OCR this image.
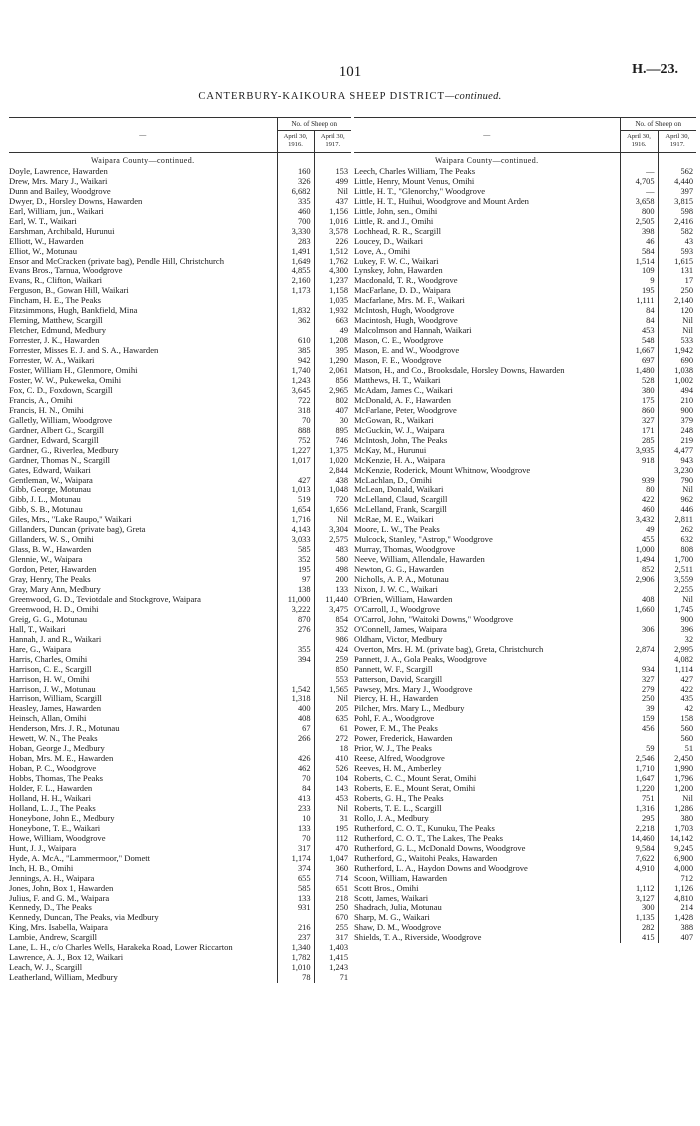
101	H.—23.
CANTERBURY-KAIKOURA SHEEP DISTRICT—continued.
—	No. of Sheep on	
	April 30, 1916.	April 30, 1917.

Waipara County—continued.		
Doyle, Lawrence, Hawarden	160	153
Drew, Mrs. Mary J., Waikari	326	499
Dunn and Bailey, Woodgrove	6,682	Nil
Dwyer, D., Horsley Downs, Hawarden	335	437
Earl, William, jun., Waikari	460	1,156
Earl, W. T., Waikari	700	1,016
Earshman, Archibald, Hurunui	3,330	3,578
Elliott, W., Hawarden	283	226
Elliot, W., Motunau	1,491	1,512
Ensor and McCracken (private bag), Pendle Hill, Christchurch	1,649	1,762
Evans Bros., Tarnua, Woodgrove	4,855	4,300
Evans, R., Clifton, Waikari	2,160	1,237
Ferguson, B., Gowan Hill, Waikari	1,173	1,158
Fincham, H. E., The Peaks		1,035
Fitzsimmons, Hugh, Bankfield, Mina	1,832	1,932
Fleming, Matthew, Scargill	362	663
Fletcher, Edmund, Medbury		49
Forrester, J. K., Hawarden	610	1,208
Forrester, Misses E. J. and S. A., Hawarden	385	395
Forrester, W. A., Waikari	942	1,290
Foster, William H., Glenmore, Omihi	1,740	2,061
Foster, W. W., Pukeweka, Omihi	1,243	856
Fox, C. D., Foxdown, Scargill	3,645	2,965
Francis, A., Omihi	722	802
Francis, H. N., Omihi	318	407
Galletly, William, Woodgrove	70	30
Gardner, Albert G., Scargill	888	895
Gardner, Edward, Scargill	752	746
Gardner, G., Riverlea, Medbury	1,227	1,375
Gardner, Thomas N., Scargill	1,017	1,020
Gates, Edward, Waikari		2,844
Gentleman, W., Waipara	427	438
Gibb, George, Motunau	1,013	1,048
Gibb, J. L., Motunau	519	720
Gibb, S. B., Motunau	1,654	1,656
Giles, Mrs., "Lake Raupo," Waikari	1,716	Nil
Gillanders, Duncan (private bag), Greta	4,143	3,304
Gillanders, W. S., Omihi	3,033	2,575
Glass, B. W., Hawarden	585	483
Glennie, W., Waipara	352	580
Gordon, Peter, Hawarden	195	498
Gray, Henry, The Peaks	97	200
Gray, Mary Ann, Medbury	138	133
Greenwood, G. D., Teviotdale and Stockgrove, Waipara	11,000	11,440
Greenwood, H. D., Omihi	3,222	3,475
Greig, G. G., Motunau	870	854
Hall, T., Waikari	276	352
Hannah, J. and R., Waikari		986
Hare, G., Waipara	355	424
Harris, Charles, Omihi	394	259
Harrison, C. E., Scargill		850
Harrison, H. W., Omihi		553
Harrison, J. W., Motunau	1,542	1,565
Harrison, William, Scargill	1,318	Nil
Heasley, James, Hawarden	400	205
Heinsch, Allan, Omihi	408	635
Henderson, Mrs. J. R., Motunau	67	61
Hewett, W. N., The Peaks	266	272
Hoban, George J., Medbury		18
Hoban, Mrs. M. E., Hawarden	426	410
Hoban, P. C., Woodgrove	462	526
Hobbs, Thomas, The Peaks	70	104
Holder, F. L., Hawarden	84	143
Holland, H. H., Waikari	413	453
Holland, L. J., The Peaks	233	Nil
Honeybone, John E., Medbury	10	31
Honeybone, T. E., Waikari	133	195
Howe, William, Woodgrove	70	112
Hunt, J. J., Waipara	317	470
Hyde, A. McA., "Lammermoor," Domett	1,174	1,047
Inch, H. B., Omihi	374	360
Jennings, A. H., Waipara	655	714
Jones, John, Box 1, Hawarden	585	651
Julius, F. and G. M., Waipara	133	218
Kennedy, D., The Peaks	931	250
Kennedy, Duncan, The Peaks, via Medbury		670
King, Mrs. Isabella, Waipara	216	255
Lambie, Andrew, Scargill	237	317
Lane, L. H., c/o Charles Wells, Harakeka Road, Lower Riccarton	1,340	1,403
Lawrence, A. J., Box 12, Waikari	1,782	1,415
Leach, W. J., Scargill	1,010	1,243
Leatherland, William, Medbury	78	71
—	No. of Sheep on	
	April 30, 1916.	April 30, 1917.

Waipara County—continued.		
Leech, Charles William, The Peaks	—	562
Little, Henry, Mount Venus, Omihi	4,705	4,440
Little, H. T., "Glenorchy," Woodgrove	—	397
Little, H. T., Huihui, Woodgrove and Mount Arden	3,658	3,815
Little, John, sen., Omihi	800	598
Little, R. and J., Omihi	2,505	2,416
Lochhead, R. R., Scargill	398	582
Loucey, D., Waikari	46	43
Love, A., Omihi	584	593
Lukey, F. W. C., Waikari	1,514	1,615
Lynskey, John, Hawarden	109	131
Macdonald, T. R., Woodgrove	9	17
MacFarlane, D. D., Waipara	195	250
Macfarlane, Mrs. M. F., Waikari	1,111	2,140
McIntosh, Hugh, Woodgrove	84	120
Macintosh, Hugh, Woodgrove	84	Nil
Malcolmson and Hannah, Waikari	453	Nil
Mason, C. E., Woodgrove	548	533
Mason, E. and W., Woodgrove	1,667	1,942
Mason, F. E., Woodgrove	697	690
Matson, H., and Co., Brooksdale, Horsley Downs, Hawarden	1,480	1,038
Matthews, H. T., Waikari	528	1,002
McAdam, James C., Waikari	380	494
McDonald, A. F., Hawarden	175	210
McFarlane, Peter, Woodgrove	860	900
McGowan, R., Waikari	327	379
McGuckin, W. J., Waipara	171	248
McIntosh, John, The Peaks	285	219
McKay, M., Hurunui	3,935	4,477
McKenzie, H. A., Waipara	918	943
McKenzie, Roderick, Mount Whitnow, Woodgrove		3,230
McLachlan, D., Omihi	939	790
McLean, Donald, Waikari	80	Nil
McLelland, Claud, Scargill	422	962
McLelland, Frank, Scargill	460	446
McRae, M. E., Waikari	3,432	2,811
Moore, L. W., The Peaks	49	262
Mulcock, Stanley, "Astrop," Woodgrove	455	632
Murray, Thomas, Woodgrove	1,000	808
Neeve, William, Allendale, Hawarden	1,494	1,700
Newton, G. G., Hawarden	852	2,511
Nicholls, A. P. A., Motunau	2,906	3,559
Nixon, J. W. C., Waikari		2,255
O'Brien, William, Hawarden	408	Nil
O'Carroll, J., Woodgrove	1,660	1,745
O'Carrol, John, "Waitoki Downs," Woodgrove		900
O'Connell, James, Waipara	306	396
Oldham, Victor, Medbury		32
Overton, Mrs. H. M. (private bag), Greta, Christchurch	2,874	2,995
Pannett, J. A., Gola Peaks, Woodgrove		4,082
Pannett, W. F., Scargill	934	1,114
Patterson, David, Scargill	327	427
Pawsey, Mrs. Mary J., Woodgrove	279	422
Piercy, H. H., Hawarden	250	435
Pilcher, Mrs. Mary L., Medbury	39	42
Pohl, F. A., Woodgrove	159	158
Power, F. M., The Peaks	456	560
Power, Frederick, Hawarden		560
Prior, W. J., The Peaks	59	51
Reese, Alfred, Woodgrove	2,546	2,450
Reeves, H. M., Amberley	1,710	1,990
Roberts, C. C., Mount Serat, Omihi	1,647	1,796
Roberts, E. E., Mount Serat, Omihi	1,220	1,200
Roberts, G. H., The Peaks	751	Nil
Roberts, T. E. L., Scargill	1,316	1,286
Rollo, J. A., Medbury	295	380
Rutherford, C. O. T., Kunuku, The Peaks	2,218	1,703
Rutherford, C. O. T., The Lakes, The Peaks	14,460	14,142
Rutherford, G. L., McDonald Downs, Woodgrove	9,584	9,245
Rutherford, G., Waitohi Peaks, Hawarden	7,622	6,900
Rutherford, L. A., Haydon Downs and Woodgrove	4,910	4,000
Scoon, William, Hawarden		712
Scott Bros., Omihi	1,112	1,126
Scott, James, Waikari	3,127	4,810
Shadrach, Julia, Motunau	300	214
Sharp, M. G., Waikari	1,135	1,428
Shaw, D. M., Woodgrove	282	388
Shields, T. A., Riverside, Woodgrove	415	407
